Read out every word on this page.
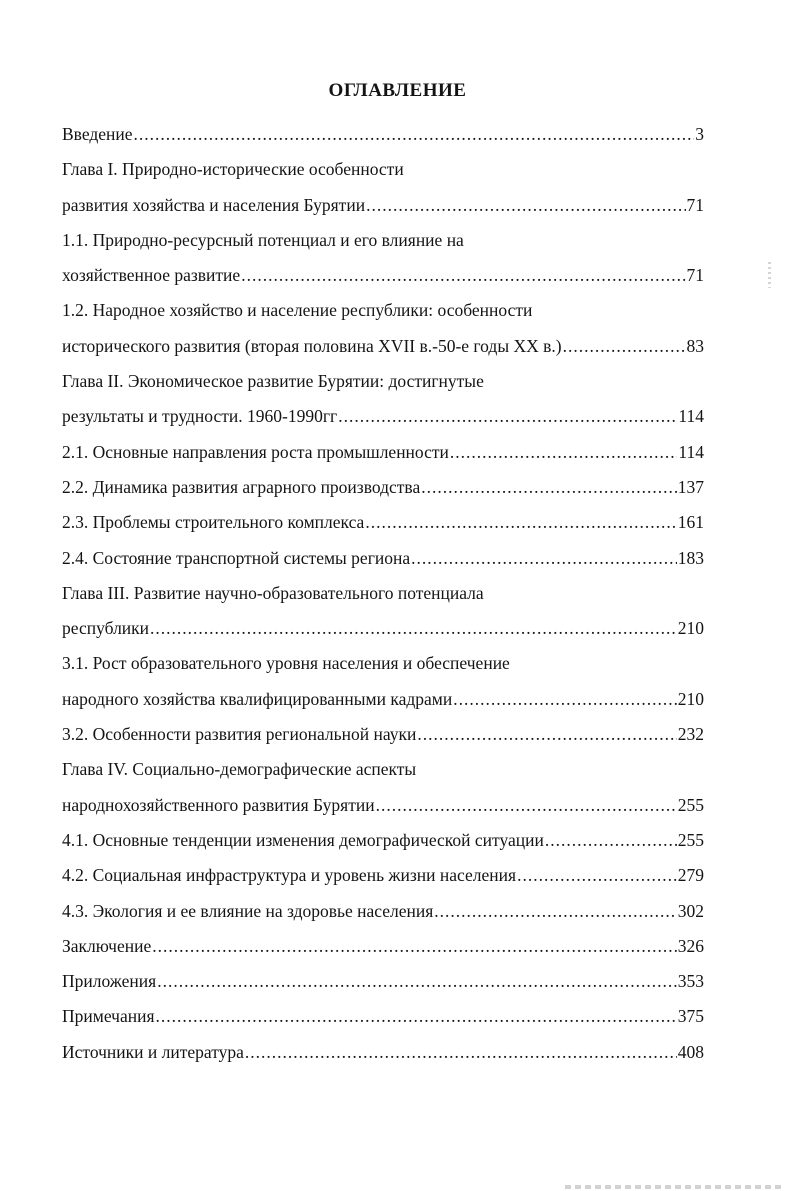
ОГЛАВЛЕНИЕ
Введение .....	3
Глава I. Природно-исторические особенности
развития хозяйства и населения Бурятии .....	71
1.1. Природно-ресурсный потенциал и его влияние на
хозяйственное развитие .....	71
1.2. Народное хозяйство и население республики: особенности
исторического развития (вторая половина XVII в.-50-е годы XX в.) .....	83
Глава II. Экономическое развитие Бурятии: достигнутые
результаты и трудности. 1960-1990гг .....	114
2.1. Основные направления роста промышленности .....	114
2.2. Динамика развития аграрного производства .....	137
2.3. Проблемы строительного комплекса .....	161
2.4. Состояние транспортной системы региона .....	183
Глава III. Развитие научно-образовательного потенциала
республики .....	210
3.1. Рост образовательного уровня населения и обеспечение
народного хозяйства квалифицированными кадрами .....	210
3.2. Особенности развития региональной науки .....	232
Глава IV. Социально-демографические аспекты
народнохозяйственного развития Бурятии .....	255
4.1. Основные тенденции изменения демографической ситуации .....	255
4.2. Социальная инфраструктура и уровень жизни населения .....	279
4.3. Экология и ее влияние на здоровье населения .....	302
Заключение .....	326
Приложения .....	353
Примечания .....	375
Источники и литература .....	408
